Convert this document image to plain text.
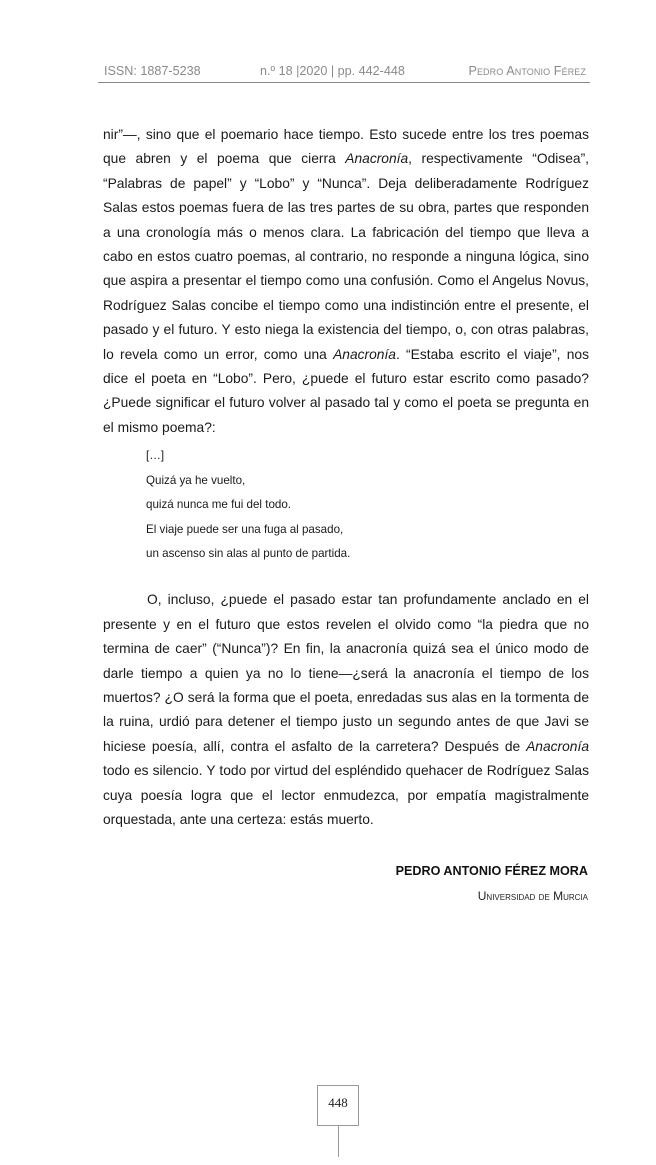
ISSN: 1887-5238	n.º 18 |2020 | pp. 442-448	Pedro Antonio Férez

nir”—, sino que el poemario hace tiempo. Esto sucede entre los tres poemas que abren y el poema que cierra Anacronía, respectivamente “Odisea”, “Palabras de papel” y “Lobo” y “Nunca”. Deja deliberadamente Rodríguez Salas estos poemas fuera de las tres partes de su obra, partes que responden a una cronología más o menos clara. La fabricación del tiempo que lleva a cabo en estos cuatro poemas, al contrario, no responde a ninguna lógica, sino que aspira a presentar el tiempo como una confusión. Como el Angelus Novus, Rodríguez Salas concibe el tiempo como una indistinción entre el presente, el pasado y el futuro. Y esto niega la existencia del tiempo, o, con otras palabras, lo revela como un error, como una Anacronía. “Estaba escrito el viaje”, nos dice el poeta en “Lobo”. Pero, ¿puede el futuro estar escrito como pasado? ¿Puede significar el futuro volver al pasado tal y como el poeta se pregunta en el mismo poema?:

[…]
Quizá ya he vuelto,
quizá nunca me fui del todo.
El viaje puede ser una fuga al pasado,
un ascenso sin alas al punto de partida.

O, incluso, ¿puede el pasado estar tan profundamente anclado en el presente y en el futuro que estos revelen el olvido como “la piedra que no termina de caer” (“Nunca”)? En fin, la anacronía quizá sea el único modo de darle tiempo a quien ya no lo tiene—¿será la anacronía el tiempo de los muertos? ¿O será la forma que el poeta, enredadas sus alas en la tormenta de la ruina, urdió para detener el tiempo justo un segundo antes de que Javi se hiciese poesía, allí, contra el asfalto de la carretera? Después de Anacronía todo es silencio. Y todo por virtud del espléndido quehacer de Rodríguez Salas cuya poesía logra que el lector enmudezca, por empatía magistralmente orquestada, ante una certeza: estás muerto.

PEDRO ANTONIO FÉREZ MORA
Universidad de Murcia
448
